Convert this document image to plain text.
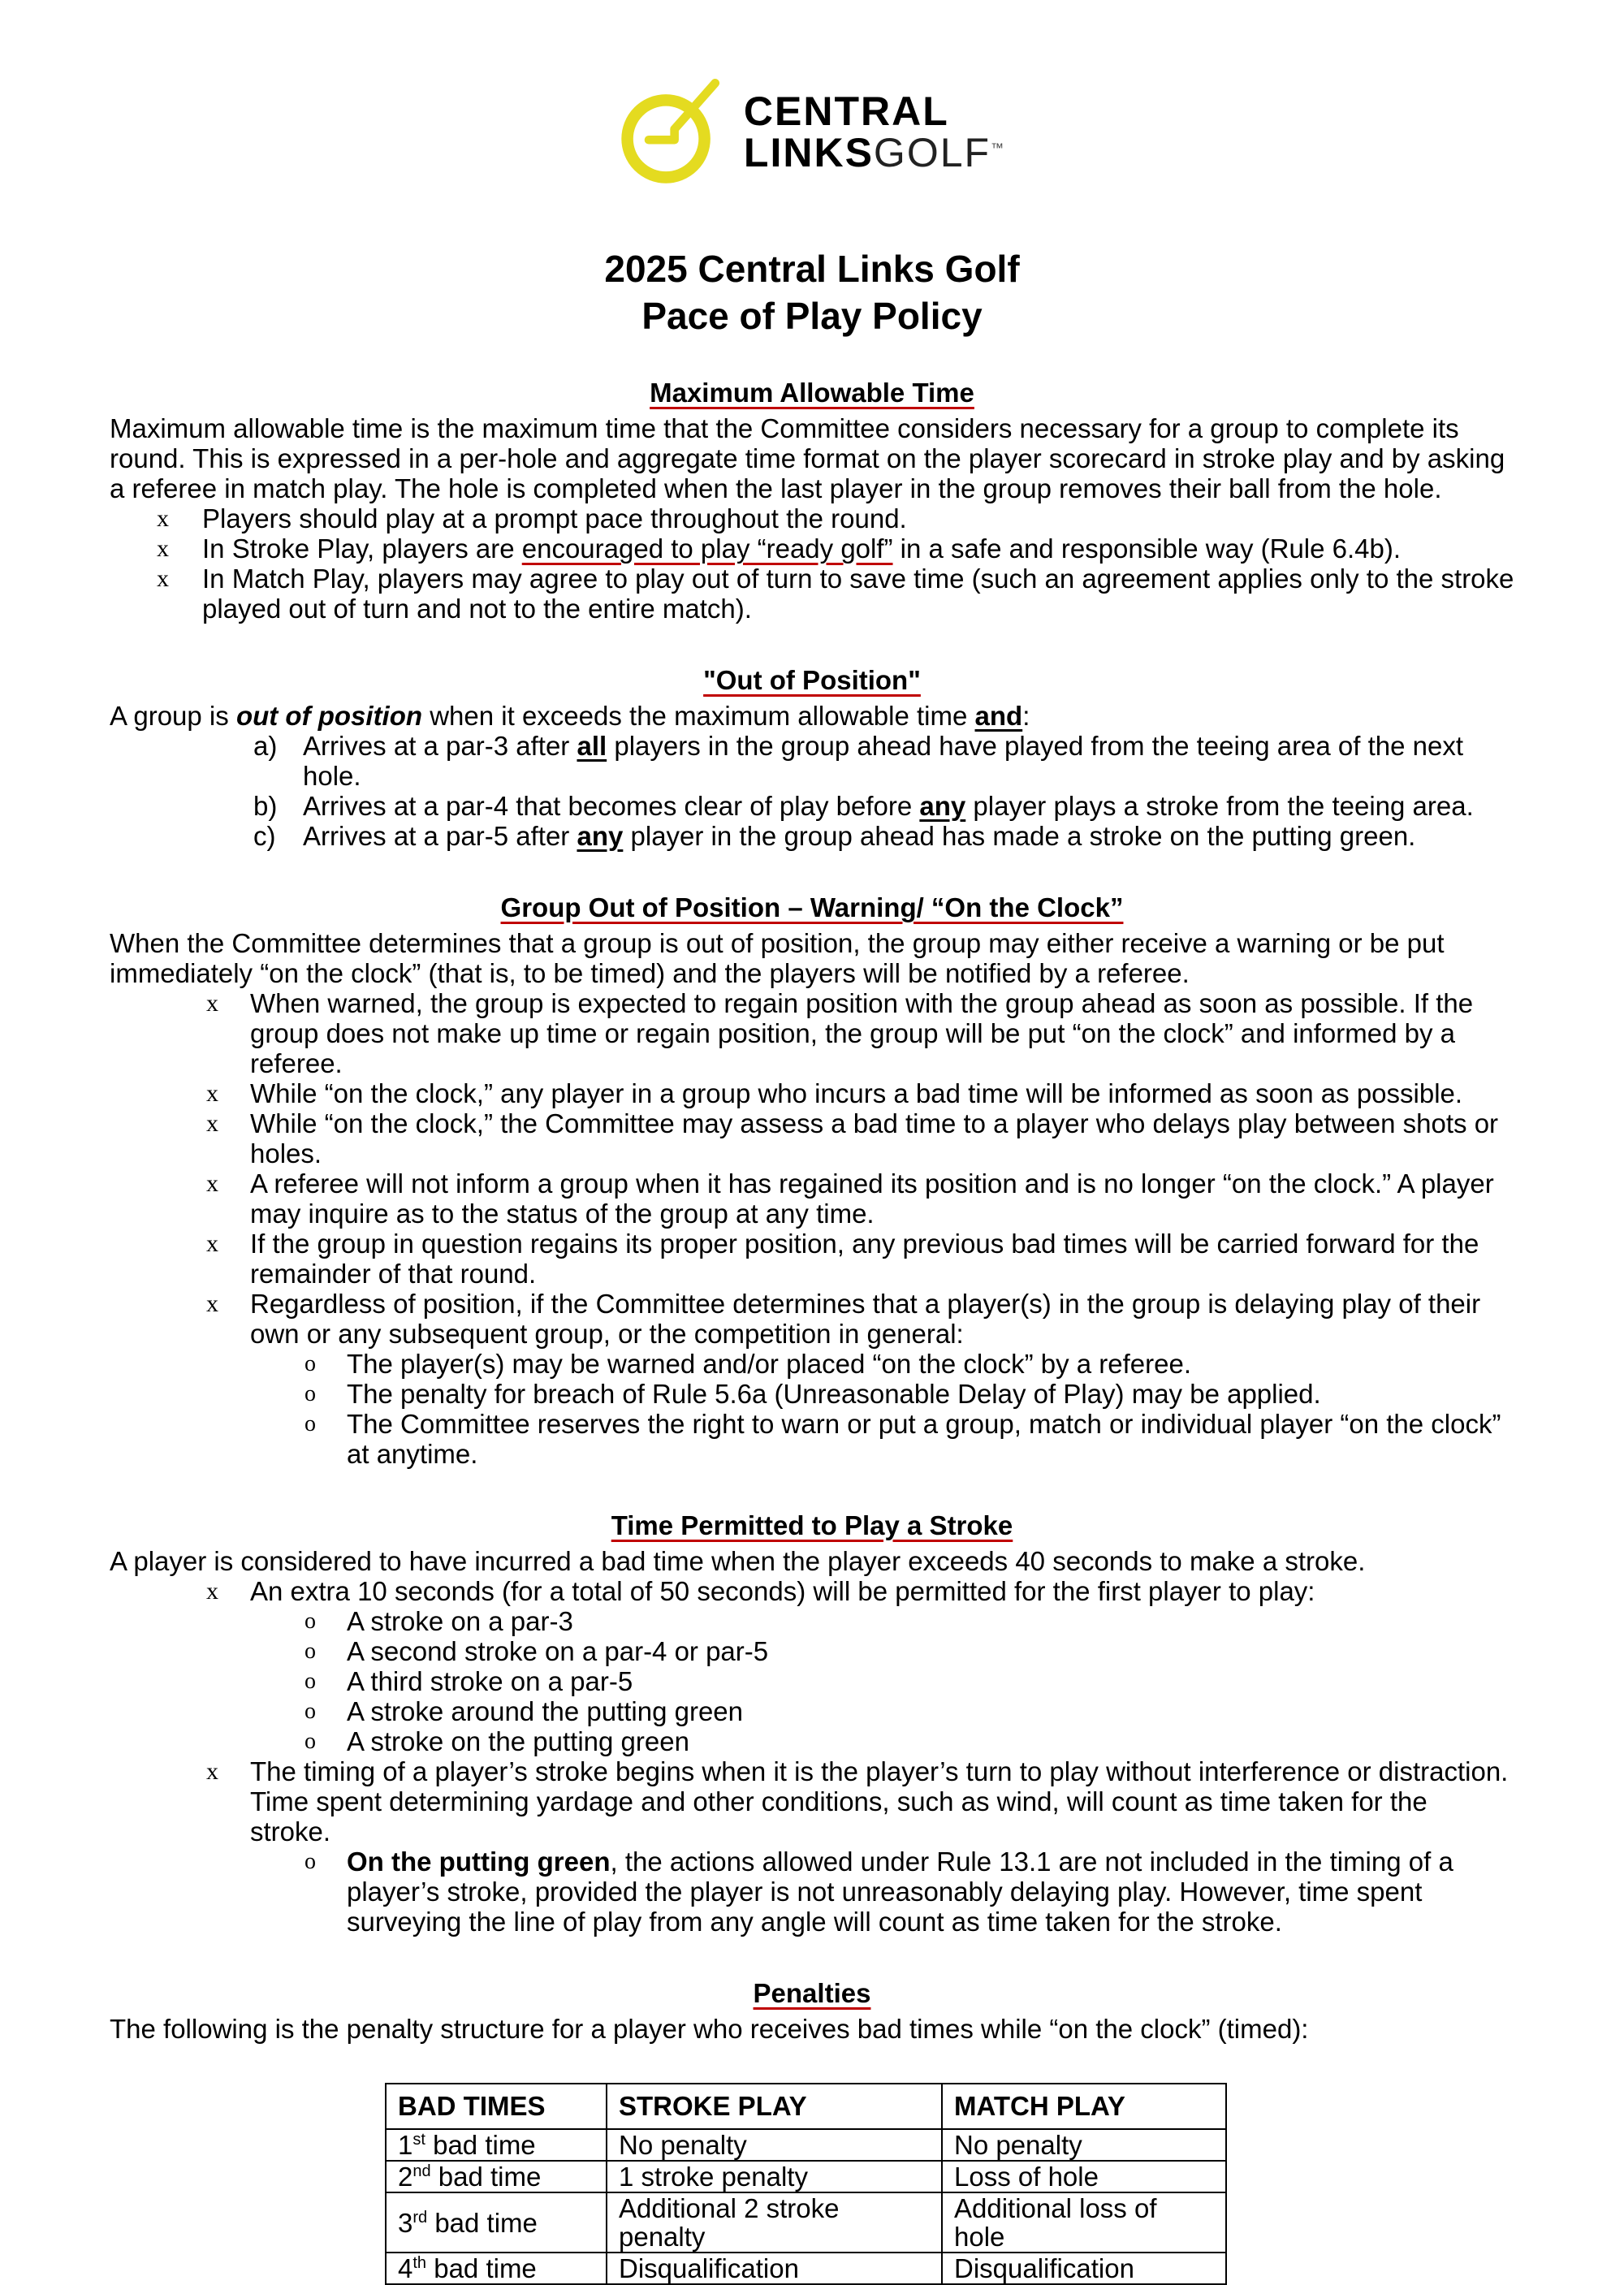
CENTRAL
LINKSGOLF™
2025 Central Links Golf
Pace of Play Policy
Maximum Allowable Time

Maximum allowable time is the maximum time that the Committee considers necessary for a group to complete its round. This is expressed in a per-hole and aggregate time format on the player scorecard in stroke play and by asking a referee in match play. The hole is completed when the last player in the group removes their ball from the hole.

x	Players should play at a prompt pace throughout the round.
x	In Stroke Play, players are encouraged to play “ready golf” in a safe and responsible way (Rule 6.4b).
x	In Match Play, players may agree to play out of turn to save time (such an agreement applies only to the stroke played out of turn and not to the entire match).
"Out of Position"

A group is out of position when it exceeds the maximum allowable time and:

a) Arrives at a par-3 after all players in the group ahead have played from the teeing area of the next hole.
b) Arrives at a par-4 that becomes clear of play before any player plays a stroke from the teeing area.
c)	Arrives at a par-5 after any player in the group ahead has made a stroke on the putting green.
Group Out of Position – Warning/ “On the Clock”

When the Committee determines that a group is out of position, the group may either receive a warning or be put immediately “on the clock” (that is, to be timed) and the players will be notified by a referee.

x	When warned, the group is expected to regain position with the group ahead as soon as possible. If the group does not make up time or regain position, the group will be put “on the clock” and informed by a referee.
x	While “on the clock,” any player in a group who incurs a bad time will be informed as soon as possible.
x	While “on the clock,” the Committee may assess a bad time to a player who delays play between shots or holes.
x	A referee will not inform a group when it has regained its position and is no longer “on the clock.” A player may inquire as to the status of the group at any time.
x	If the group in question regains its proper position, any previous bad times will be carried forward for the remainder of that round.
x	Regardless of position, if the Committee determines that a player(s) in the group is delaying play of their own or any subsequent group, or the competition in general:
o	The player(s) may be warned and/or placed “on the clock” by a referee.
o	The penalty for breach of Rule 5.6a (Unreasonable Delay of Play) may be applied.
o	The Committee reserves the right to warn or put a group, match or individual player “on the clock” at anytime.
Time Permitted to Play a Stroke

A player is considered to have incurred a bad time when the player exceeds 40 seconds to make a stroke.

x	An extra 10 seconds (for a total of 50 seconds) will be permitted for the first player to play:
o	A stroke on a par-3
o	A second stroke on a par-4 or par-5
o	A third stroke on a par-5
o	A stroke around the putting green
o	A stroke on the putting green
x	The timing of a player’s stroke begins when it is the player’s turn to play without interference or distraction. Time spent determining yardage and other conditions, such as wind, will count as time taken for the stroke.
o	On the putting green, the actions allowed under Rule 13.1 are not included in the timing of a player’s stroke, provided the player is not unreasonably delaying play. However, time spent surveying the line of play from any angle will count as time taken for the stroke.
Penalties

The following is the penalty structure for a player who receives bad times while “on the clock” (timed):

BAD TIMES	STROKE PLAY	MATCH PLAY
1st bad time	No penalty	No penalty
2nd bad time	1 stroke penalty	Loss of hole
3rd bad time	Additional 2 stroke penalty	Additional loss of hole
4th bad time	Disqualification	Disqualification
